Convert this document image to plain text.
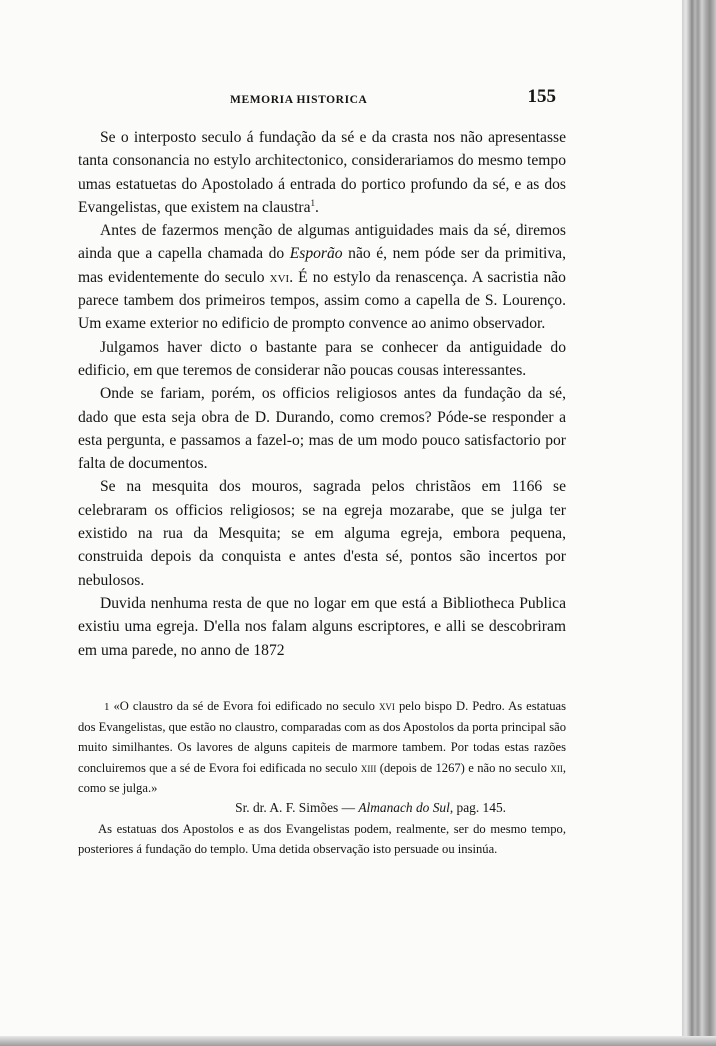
MEMORIA HISTORICA	155

Se o interposto seculo á fundação da sé e da crasta nos não apresentasse tanta consonancia no estylo architectonico, considerariamos do mesmo tempo umas estatuetas do Apostolado á entrada do portico profundo da sé, e as dos Evangelistas, que existem na claustra$^1$.

Antes de fazermos menção de algumas antiguidades mais da sé, diremos ainda que a capella chamada do Esporão não é, nem póde ser da primitiva, mas evidentemente do seculo xvi. É no estylo da renascença. A sacristia não parece tambem dos primeiros tempos, assim como a capella de S. Lourenço. Um exame exterior no edificio de prompto convence ao animo observador.

Julgamos haver dicto o bastante para se conhecer da antiguidade do edificio, em que teremos de considerar não poucas cousas interessantes.

Onde se fariam, porém, os officios religiosos antes da fundação da sé, dado que esta seja obra de D. Durando, como cremos? Póde-se responder a esta pergunta, e passamos a fazel-o; mas de um modo pouco satisfactorio por falta de documentos.

Se na mesquita dos mouros, sagrada pelos christãos em 1166 se celebraram os officios religiosos; se na egreja mozarabe, que se julga ter existido na rua da Mesquita; se em alguma egreja, embora pequena, construida depois da conquista e antes d'esta sé, pontos são incertos por nebulosos.

Duvida nenhuma resta de que no logar em que está a Bibliotheca Publica existiu uma egreja. D'ella nos falam alguns escriptores, e alli se descobriram em uma parede, no anno de 1872

1 «O claustro da sé de Evora foi edificado no seculo xvi pelo bispo D. Pedro. As estatuas dos Evangelistas, que estão no claustro, comparadas com as dos Apostolos da porta principal são muito similhantes. Os lavores de alguns capiteis de marmore tambem. Por todas estas razões concluiremos que a sé de Evora foi edificada no seculo xiii (depois de 1267) e não no seculo xii, como se julga.»

Sr. dr. A. F. Simões — Almanach do Sul, pag. 145.

As estatuas dos Apostolos e as dos Evangelistas podem, realmente, ser do mesmo tempo, posteriores á fundação do templo. Uma detida observação isto persuade ou insinúa.
